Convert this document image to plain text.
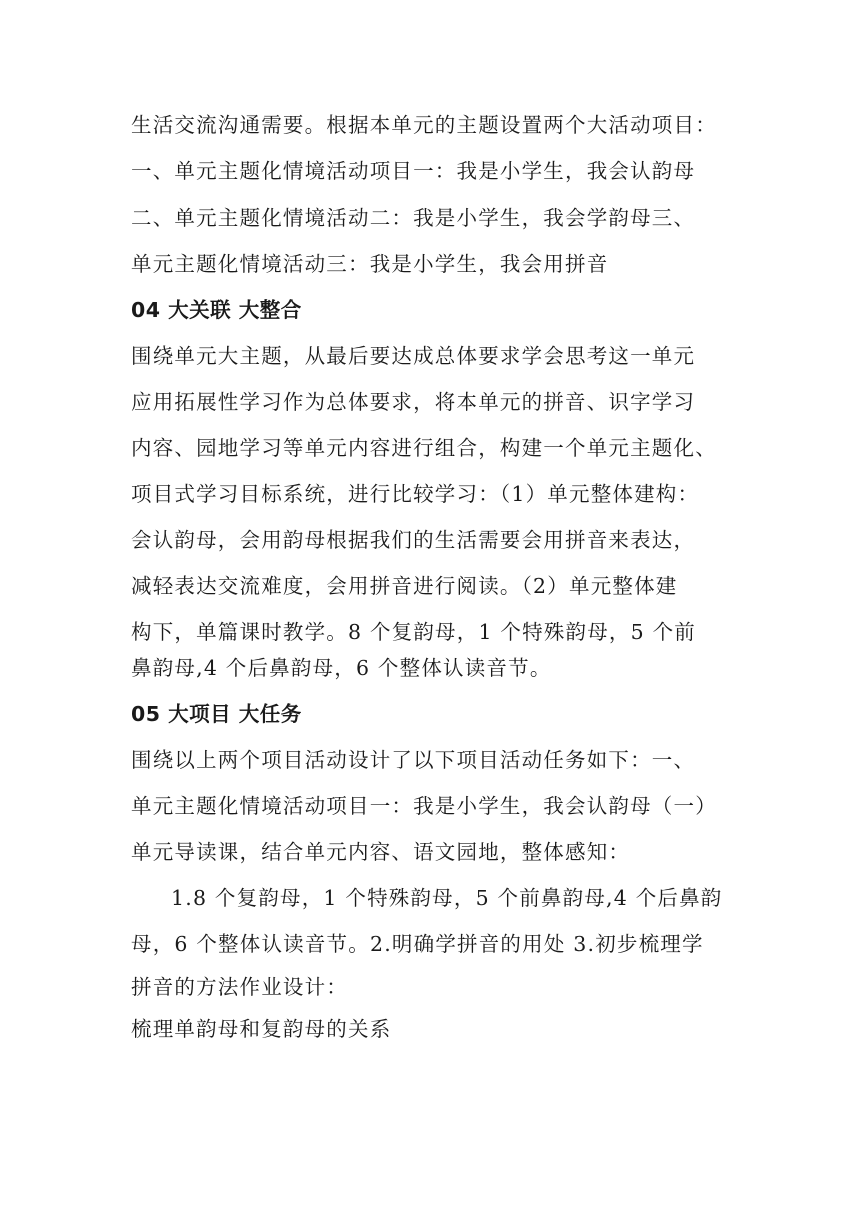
生活交流沟通需要。根据本单元的主题设置两个大活动项目：
一、单元主题化情境活动项目一：我是小学生，我会认韵母
二、单元主题化情境活动二：我是小学生，我会学韵母三、
单元主题化情境活动三：我是小学生，我会用拼音
04 大关联 大整合
围绕单元大主题，从最后要达成总体要求学会思考这一单元
应用拓展性学习作为总体要求，将本单元的拼音、识字学习
内容、园地学习等单元内容进行组合，构建一个单元主题化、
项目式学习目标系统，进行比较学习：（1）单元整体建构：
会认韵母，会用韵母根据我们的生活需要会用拼音来表达，
减轻表达交流难度，会用拼音进行阅读。（2）单元整体建
构下，单篇课时教学。8 个复韵母，1 个特殊韵母，5 个前
鼻韵母,4 个后鼻韵母，6 个整体认读音节。
05 大项目 大任务
围绕以上两个项目活动设计了以下项目活动任务如下：一、
单元主题化情境活动项目一：我是小学生，我会认韵母（一）
单元导读课，结合单元内容、语文园地，整体感知：
1.8 个复韵母，1 个特殊韵母，5 个前鼻韵母,4 个后鼻韵
母，6 个整体认读音节。2.明确学拼音的用处 3.初步梳理学
拼音的方法作业设计：
梳理单韵母和复韵母的关系
